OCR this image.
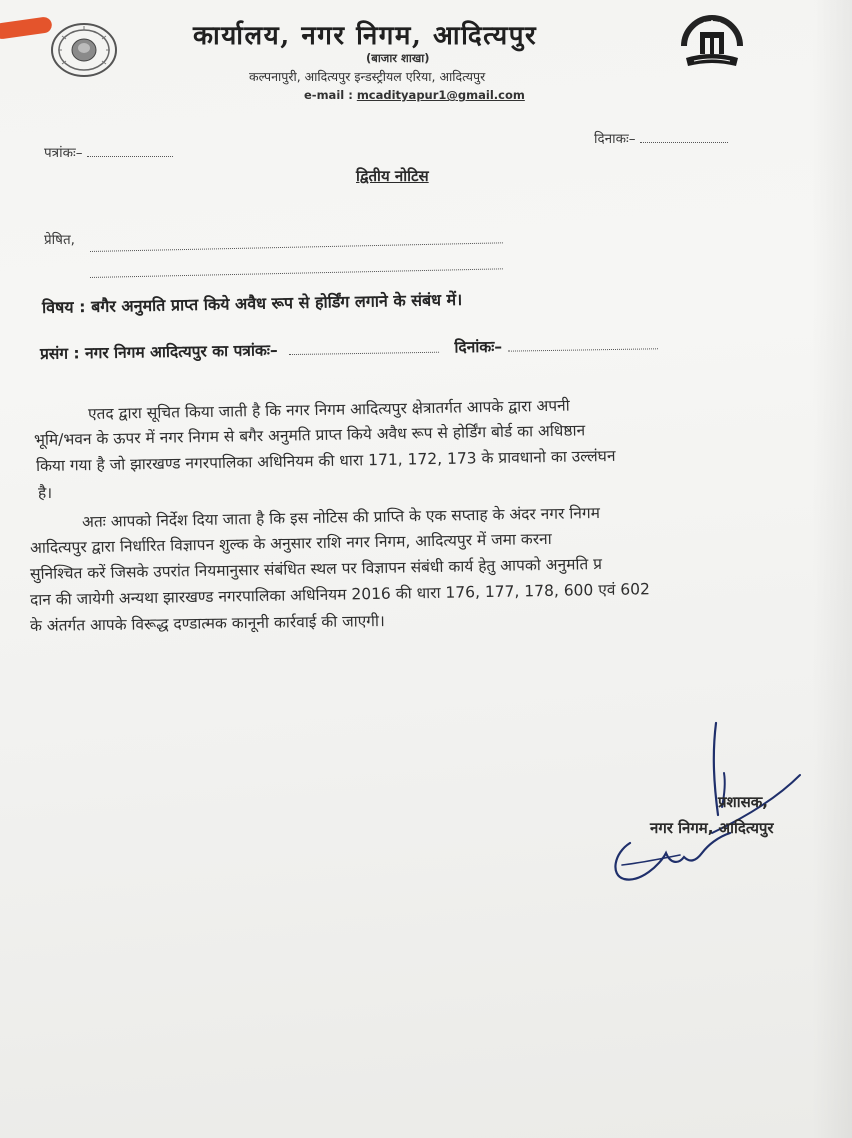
कार्यालय, नगर निगम, आदित्यपुर
(बाजार शाखा)
कल्पनापुरी, आदित्यपुर इन्डस्ट्रीयल एरिया, आदित्यपुर
e-mail : mcadityapur1@gmail.com
पत्रांकः–
दिनाकः–
द्वितीय नोटिस
प्रेषित,
विषय : बगैर अनुमति प्राप्त किये अवैध रूप से होर्डिंग लगाने के संबंध में।
प्रसंग : नगर निगम आदित्यपुर का पत्रांकः–	दिनांकः–
एतद द्वारा सूचित किया जाती है कि नगर निगम आदित्यपुर क्षेत्रातर्गत आपके द्वारा अपनी
भूमि/भवन के ऊपर में नगर निगम से बगैर अनुमति प्राप्त किये अवैध रूप से होर्डिंग बोर्ड का अधिष्ठान
किया गया है जो झारखण्ड नगरपालिका अधिनियम की धारा 171, 172, 173 के प्रावधानो का उल्लंघन
है।
अतः आपको निर्देश दिया जाता है कि इस नोटिस की प्राप्ति के एक सप्ताह के अंदर नगर निगम
आदित्यपुर द्वारा निर्धारित विज्ञापन शुल्क के अनुसार राशि नगर निगम, आदित्यपुर में जमा करना
सुनिश्चित करें जिसके उपरांत नियमानुसार संबंधित स्थल पर विज्ञापन संबंधी कार्य हेतु आपको अनुमति प्र
दान की जायेगी अन्यथा झारखण्ड नगरपालिका अधिनियम 2016 की धारा 176, 177, 178, 600 एवं 602
के अंतर्गत आपके विरूद्ध दण्डात्मक कानूनी कार्रवाई की जाएगी।
प्रशासक,
नगर निगम, आदित्यपुर
